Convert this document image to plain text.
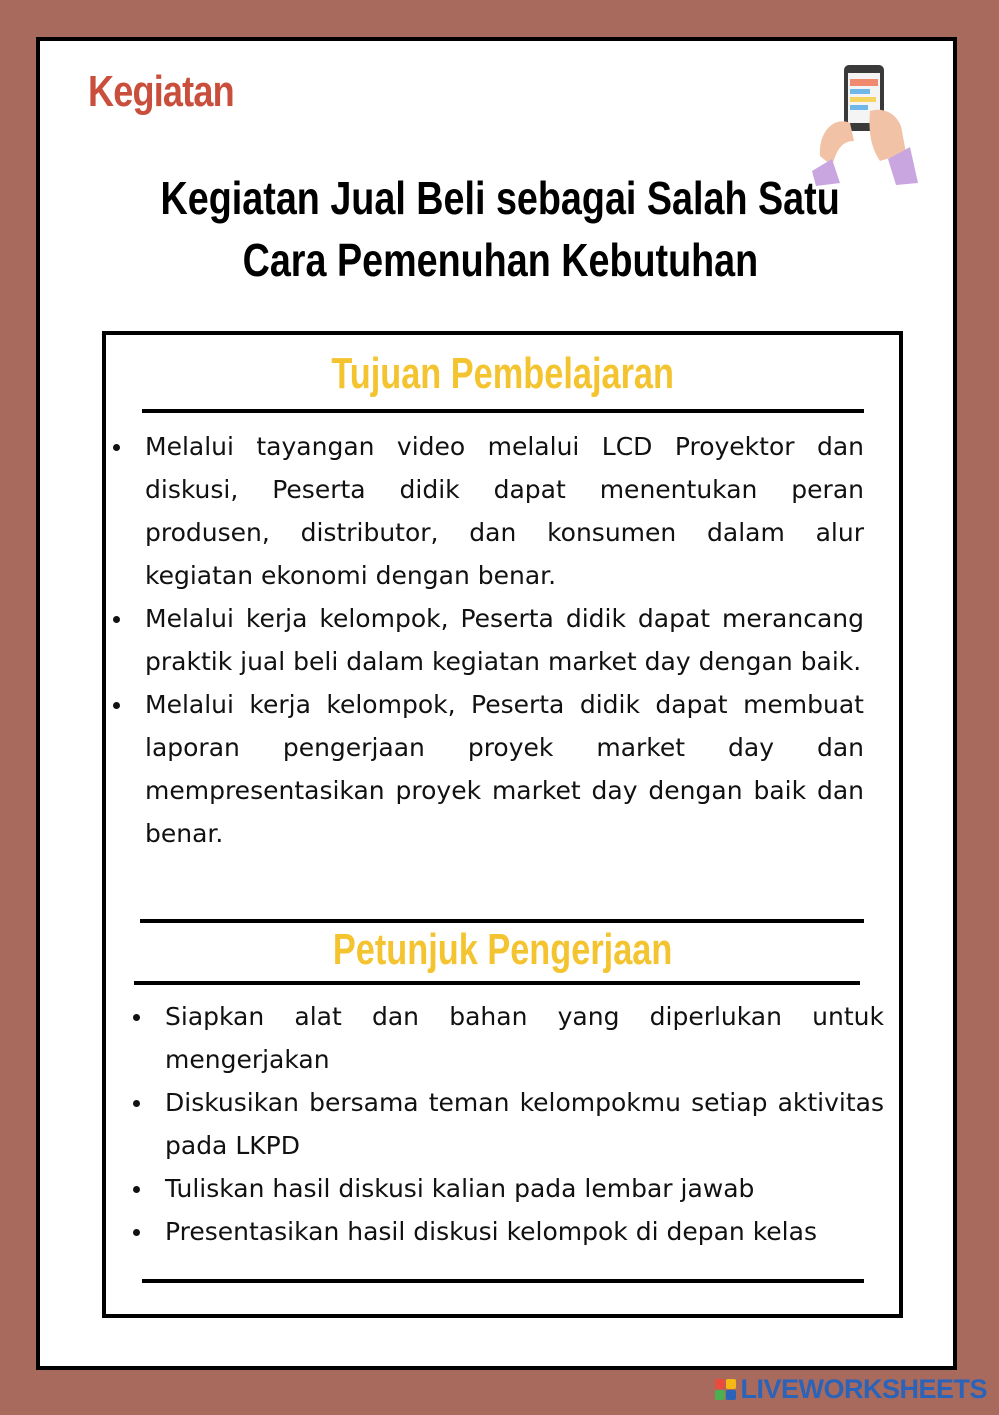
Kegiatan
Kegiatan Jual Beli sebagai Salah Satu
Cara Pemenuhan Kebutuhan
Tujuan Pembelajaran
Melalui tayangan video melalui LCD Proyektor dan diskusi, Peserta didik dapat menentukan peran produsen, distributor, dan konsumen dalam alur kegiatan ekonomi dengan benar.
Melalui kerja kelompok, Peserta didik dapat merancang praktik jual beli dalam kegiatan market day dengan baik.
Melalui kerja kelompok, Peserta didik dapat membuat laporan pengerjaan proyek market day dan mempresentasikan proyek market day dengan baik dan benar.
Petunjuk Pengerjaan
Siapkan alat dan bahan yang diperlukan untuk mengerjakan
Diskusikan bersama teman kelompokmu setiap aktivitas pada LKPD
Tuliskan hasil diskusi kalian pada lembar jawab
Presentasikan hasil diskusi kelompok di depan kelas
LIVEWORKSHEETS
